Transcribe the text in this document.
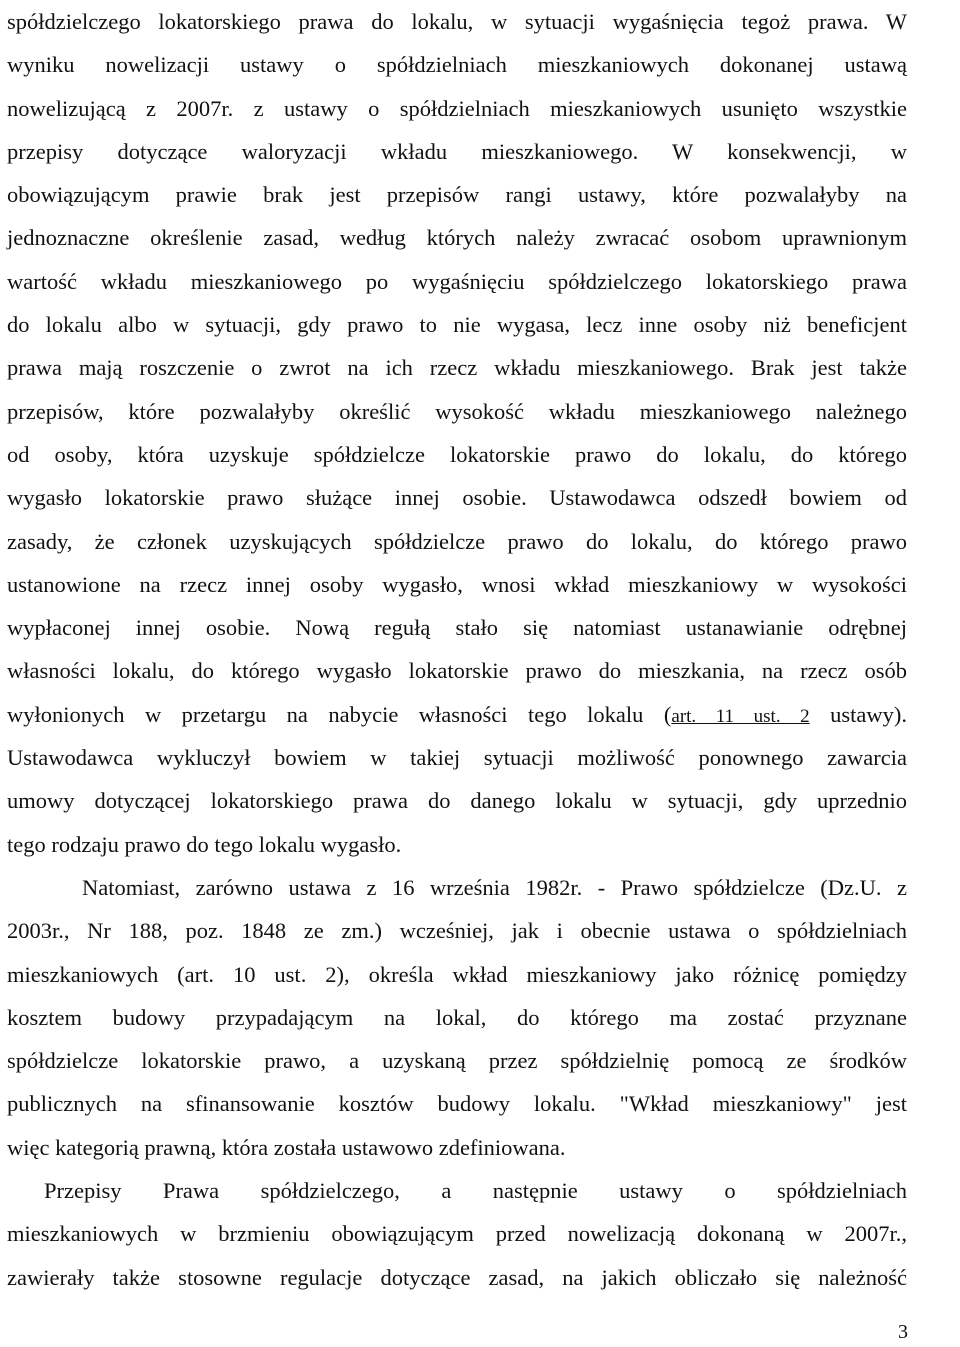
spółdzielczego lokatorskiego prawa do lokalu, w sytuacji wygaśnięcia tegoż prawa. W
wyniku nowelizacji ustawy o spółdzielniach mieszkaniowych dokonanej ustawą
nowelizującą z 2007r. z ustawy o spółdzielniach mieszkaniowych usunięto wszystkie
przepisy dotyczące waloryzacji wkładu mieszkaniowego. W konsekwencji, w
obowiązującym prawie brak jest przepisów rangi ustawy, które pozwalałyby na
jednoznaczne określenie zasad, według których należy zwracać osobom uprawnionym
wartość wkładu mieszkaniowego po wygaśnięciu spółdzielczego lokatorskiego prawa
do lokalu albo w sytuacji, gdy prawo to nie wygasa, lecz inne osoby niż beneficjent
prawa mają roszczenie o zwrot na ich rzecz wkładu mieszkaniowego. Brak jest także
przepisów, które pozwalałyby określić wysokość wkładu mieszkaniowego należnego
od osoby, która uzyskuje spółdzielcze lokatorskie prawo do lokalu, do którego
wygasło lokatorskie prawo służące innej osobie. Ustawodawca odszedł bowiem od
zasady, że członek uzyskujących spółdzielcze prawo do lokalu, do którego prawo
ustanowione na rzecz innej osoby wygasło, wnosi wkład mieszkaniowy w wysokości
wypłaconej innej osobie. Nową regułą stało się natomiast ustanawianie odrębnej
własności lokalu, do którego wygasło lokatorskie prawo do mieszkania, na rzecz osób
wyłonionych w przetargu na nabycie własności tego lokalu (art. 11 ust. 2 ustawy).
Ustawodawca wykluczył bowiem w takiej sytuacji możliwość ponownego zawarcia
umowy dotyczącej lokatorskiego prawa do danego lokalu w sytuacji, gdy uprzednio
tego rodzaju prawo do tego lokalu wygasło.
Natomiast, zarówno ustawa z 16 września 1982r. - Prawo spółdzielcze (Dz.U. z
2003r., Nr 188, poz. 1848 ze zm.) wcześniej, jak i obecnie ustawa o spółdzielniach
mieszkaniowych (art. 10 ust. 2), określa wkład mieszkaniowy jako różnicę pomiędzy
kosztem budowy przypadającym na lokal, do którego ma zostać przyznane
spółdzielcze lokatorskie prawo, a uzyskaną przez spółdzielnię pomocą ze środków
publicznych na sfinansowanie kosztów budowy lokalu. "Wkład mieszkaniowy" jest
więc kategorią prawną, która została ustawowo zdefiniowana.
Przepisy Prawa spółdzielczego, a następnie ustawy o spółdzielniach
mieszkaniowych w brzmieniu obowiązującym przed nowelizacją dokonaną w 2007r.,
zawierały także stosowne regulacje dotyczące zasad, na jakich obliczało się należność
3
